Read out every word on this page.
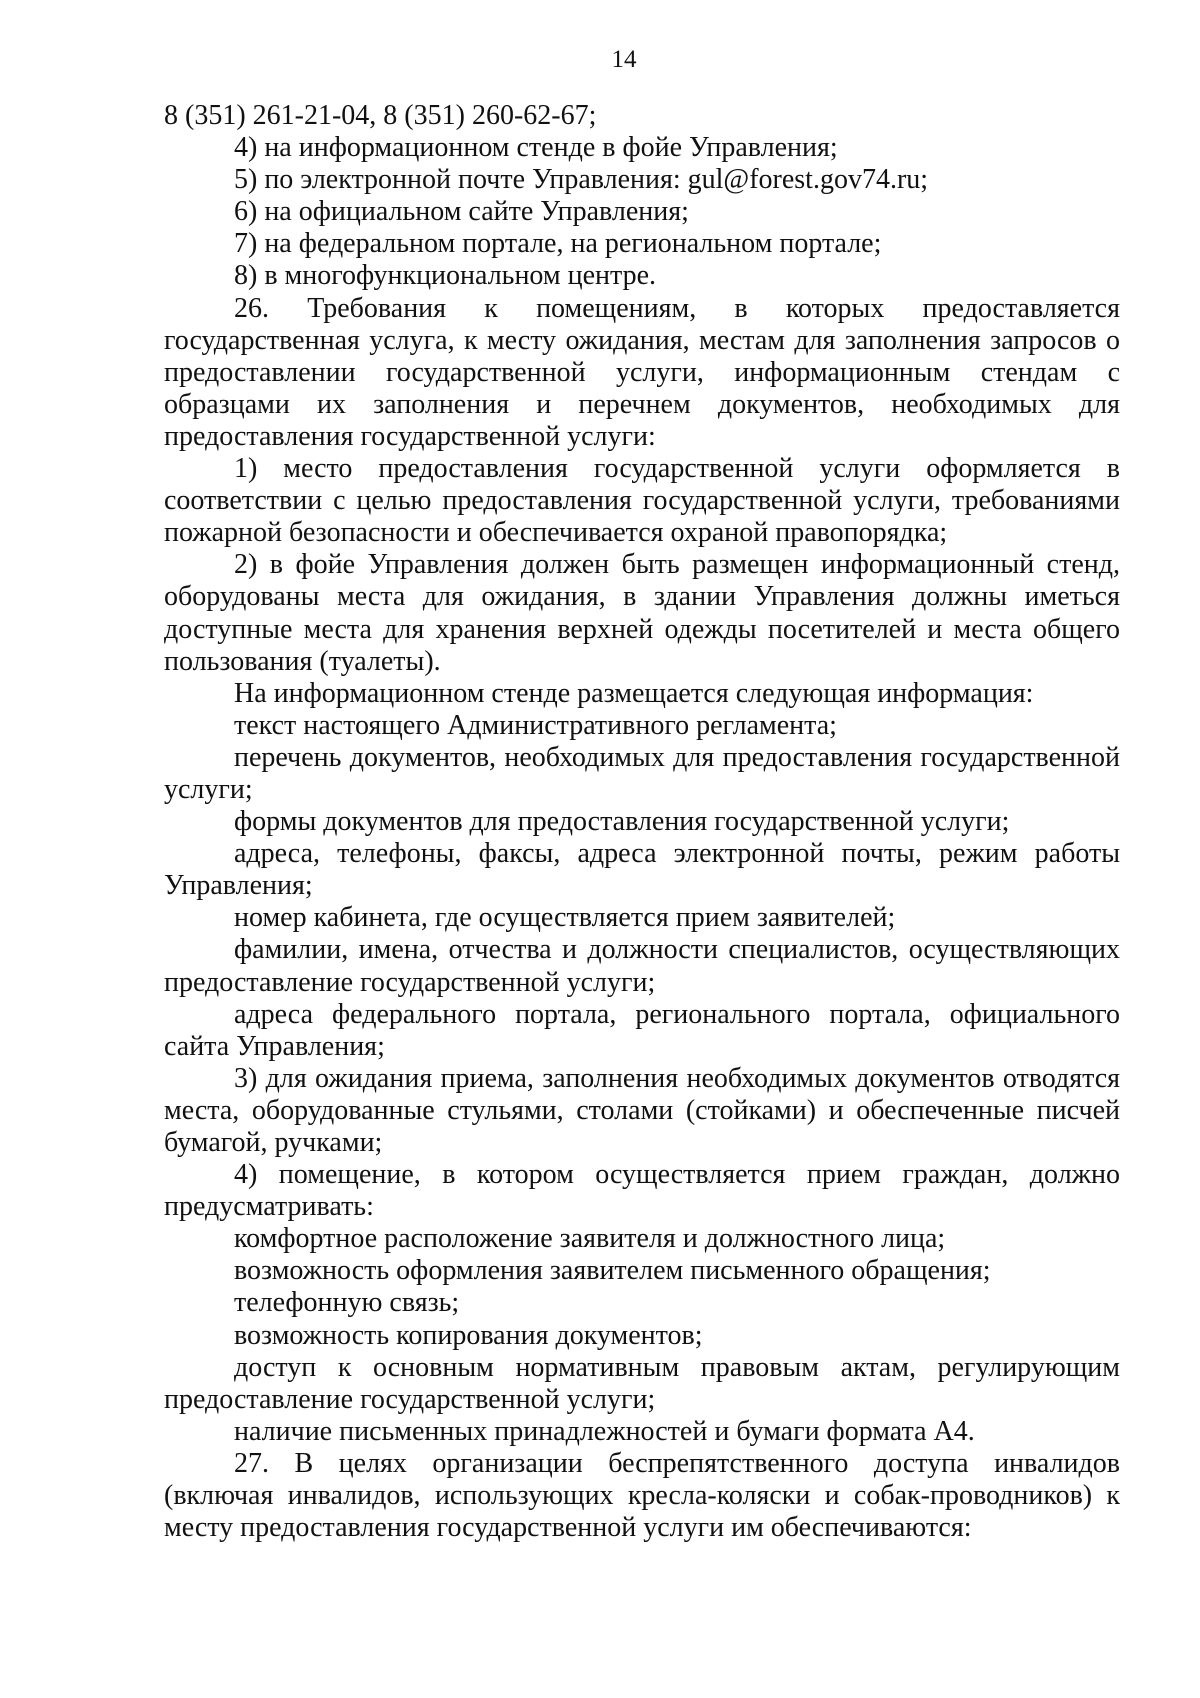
14

8 (351) 261-21-04, 8 (351) 260-62-67;

4) на информационном стенде в фойе Управления;

5) по электронной почте Управления: gul@forest.gov74.ru;

6) на официальном сайте Управления;

7) на федеральном портале, на региональном портале;

8) в многофункциональном центре.

26. Требования к помещениям, в которых предоставляется государственная услуга, к месту ожидания, местам для заполнения запросов о предоставлении государственной услуги, информационным стендам с образцами их заполнения и перечнем документов, необходимых для предоставления государственной услуги:

1) место предоставления государственной услуги оформляется в соответствии с целью предоставления государственной услуги, требованиями пожарной безопасности и обеспечивается охраной правопорядка;

2) в фойе Управления должен быть размещен информационный стенд, оборудованы места для ожидания, в здании Управления должны иметься доступные места для хранения верхней одежды посетителей и места общего пользования (туалеты).

На информационном стенде размещается следующая информация:

текст настоящего Административного регламента;

перечень документов, необходимых для предоставления государственной услуги;

формы документов для предоставления государственной услуги;

адреса, телефоны, факсы, адреса электронной почты, режим работы Управления;

номер кабинета, где осуществляется прием заявителей;

фамилии, имена, отчества и должности специалистов, осуществляющих предоставление государственной услуги;

адреса федерального портала, регионального портала, официального сайта Управления;

3) для ожидания приема, заполнения необходимых документов отводятся места, оборудованные стульями, столами (стойками) и обеспеченные писчей бумагой, ручками;

4) помещение, в котором осуществляется прием граждан, должно предусматривать:

комфортное расположение заявителя и должностного лица;

возможность оформления заявителем письменного обращения;

телефонную связь;

возможность копирования документов;

доступ к основным нормативным правовым актам, регулирующим предоставление государственной услуги;

наличие письменных принадлежностей и бумаги формата А4.

27. В целях организации беспрепятственного доступа инвалидов (включая инвалидов, использующих кресла-коляски и собак-проводников) к месту предоставления государственной услуги им обеспечиваются:
